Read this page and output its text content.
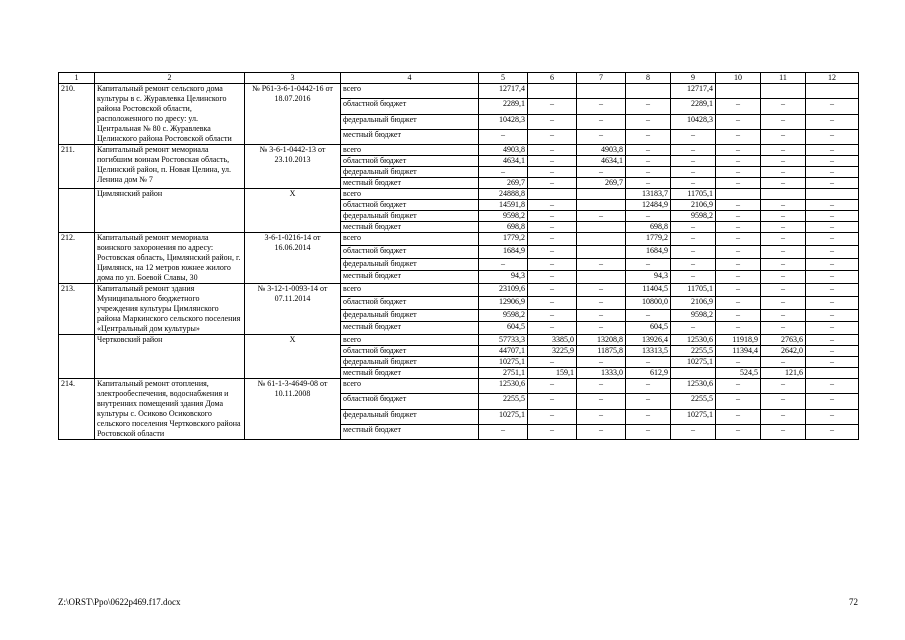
1	2	3	4	5	6	7	8	9	10	11	12
210.	Капитальный ремонт сельского дома культуры в с. Журавлевка Целинского района Ростовской области, расположенного по дресу: ул. Центральная № 80 с. Журавлевка Целинского района Ростовской области	№ Р61-3-6-1-0442-16 от 18.07.2016	всего	12717,4				12717,4			
			областной бюджет	2289,1	–	–	–	2289,1	–	–	–
			федеральный бюджет	10428,3	–	–	–	10428,3	–	–	–
			местный бюджет	–	–	–	–	–	–	–	–
211.	Капитальный ремонт мемориала погибшим воинам Ростовская область, Целинский район, п. Новая Целина, ул. Ленина дом № 7	№ 3-6-1-0442-13 от 23.10.2013	всего	4903,8	–	4903,8	–	–	–	–	–
			областной бюджет	4634,1	–	4634,1	–	–	–	–	–
			федеральный бюджет	–	–	–	–	–	–	–	–
			местный бюджет	269,7	–	269,7	–	–	–	–	–
	Цимлянский район	Х	всего	24888,8			13183,7	11705,1			
			областной бюджет	14591,8	–		12484,9	2106,9	–	–	–
			федеральный бюджет	9598,2	–	–	–	9598,2	–	–	–
			местный бюджет	698,8	–		698,8	–	–	–	–
212.	Капитальный ремонт мемориала воинского захоронения по адресу: Ростовская область, Цимлянский район, г. Цимлянск, на 12 метров южнее жилого дома по ул. Боевой Славы, 30	3-6-1-0216-14 от 16.06.2014	всего	1779,2	–		1779,2	–	–	–	–
			областной бюджет	1684,9	–		1684,9	–	–	–	–
			федеральный бюджет	–	–	–	–	–	–	–	–
			местный бюджет	94,3	–		94,3	–	–	–	–
213.	Капитальный ремонт здания Муниципального бюджетного учреждения культуры Цимлянского района Маркинского сельского поселения «Центральный дом культуры»	№ 3-12-1-0093-14 от 07.11.2014	всего	23109,6	–	–	11404,5	11705,1	–	–	–
			областной бюджет	12906,9	–	–	10800,0	2106,9	–	–	–
			федеральный бюджет	9598,2	–	–	–	9598,2	–	–	–
			местный бюджет	604,5	–	–	604,5	–	–	–	–
	Чертковский район	Х	всего	57733,3	3385,0	13208,8	13926,4	12530,6	11918,9	2763,6	–
			областной бюджет	44707,1	3225,9	11875,8	13313,5	2255,5	11394,4	2642,0	–
			федеральный бюджет	10275,1	–	–	–	10275,1	–	–	–
			местный бюджет	2751,1	159,1	1333,0	612,9		524,5	121,6	
214.	Капитальный ремонт отопления, электрообеспечения, водоснабжения и внутренних помещений здания Дома культуры с. Осиково Осиковского сельского поселения Чертковского района Ростовской области	№ 61-1-3-4649-08 от 10.11.2008	всего	12530,6	–	–	–	12530,6	–	–	–
			областной бюджет	2255,5	–	–	–	2255,5	–	–	–
			федеральный бюджет	10275,1	–	–	–	10275,1	–	–	–
			местный бюджет	–	–	–	–	–	–	–	–
Z:\ORST\Ppo\0622p469.f17.docx	72
